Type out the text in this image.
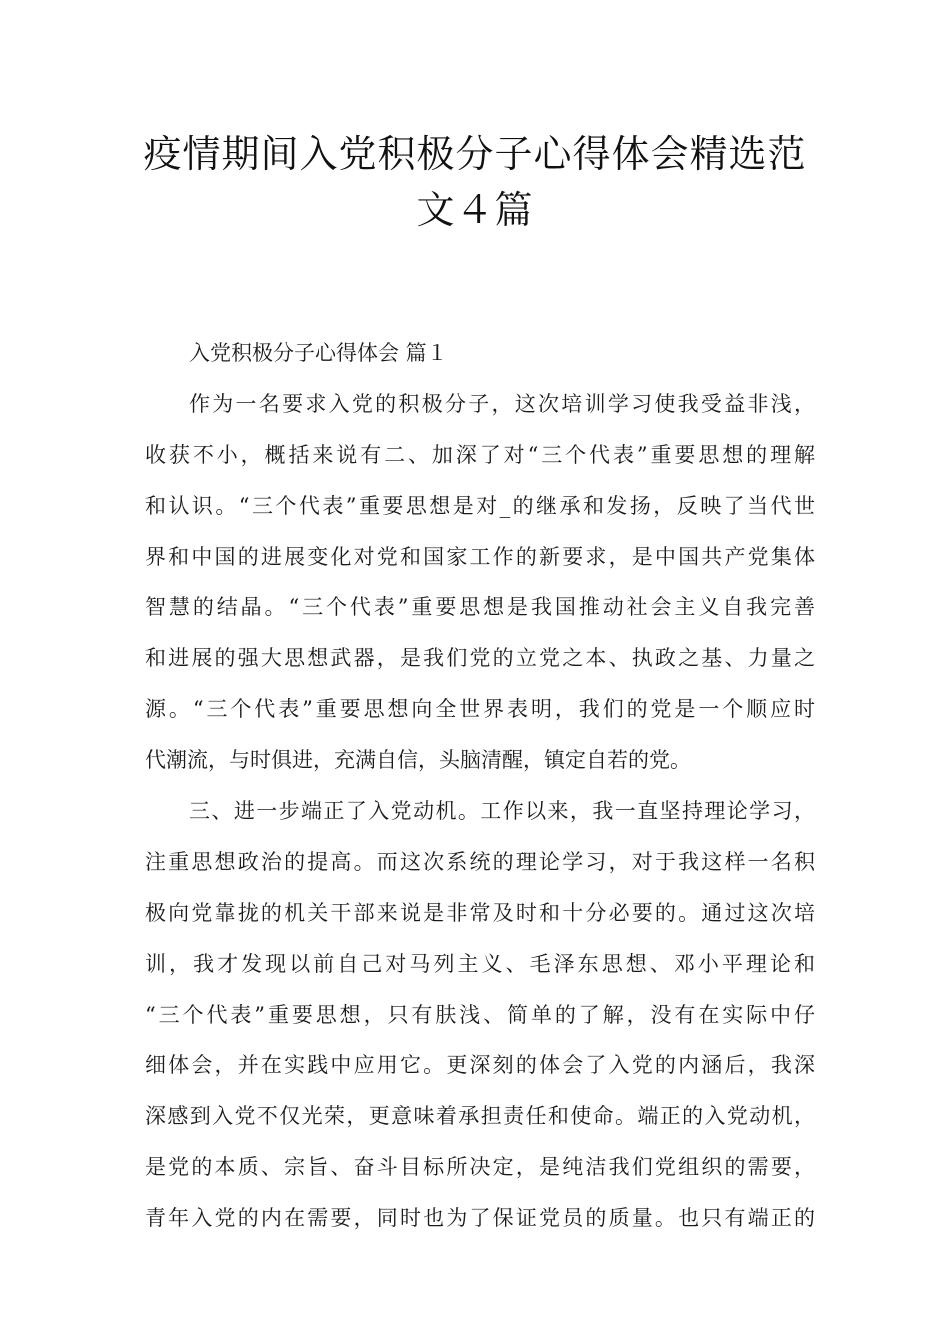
疫情期间入党积极分子心得体会精选范
文４篇
入党积极分子心得体会 篇１
作为一名要求入党的积极分子，这次培训学习使我受益非浅，
收获不小，概括来说有二、加深了对“三个代表”重要思想的理解
和认识。“三个代表”重要思想是对_的继承和发扬，反映了当代世
界和中国的进展变化对党和国家工作的新要求，是中国共产党集体
智慧的结晶。“三个代表”重要思想是我国推动社会主义自我完善
和进展的强大思想武器，是我们党的立党之本、执政之基、力量之
源。“三个代表”重要思想向全世界表明，我们的党是一个顺应时
代潮流，与时俱进，充满自信，头脑清醒，镇定自若的党。
三、进一步端正了入党动机。工作以来，我一直坚持理论学习，
注重思想政治的提高。而这次系统的理论学习，对于我这样一名积
极向党靠拢的机关干部来说是非常及时和十分必要的。通过这次培
训，我才发现以前自己对马列主义、毛泽东思想、邓小平理论和
“三个代表”重要思想，只有肤浅、简单的了解，没有在实际中仔
细体会，并在实践中应用它。更深刻的体会了入党的内涵后，我深
深感到入党不仅光荣，更意味着承担责任和使命。端正的入党动机，
是党的本质、宗旨、奋斗目标所决定，是纯洁我们党组织的需要，
青年入党的内在需要，同时也为了保证党员的质量。也只有端正的
